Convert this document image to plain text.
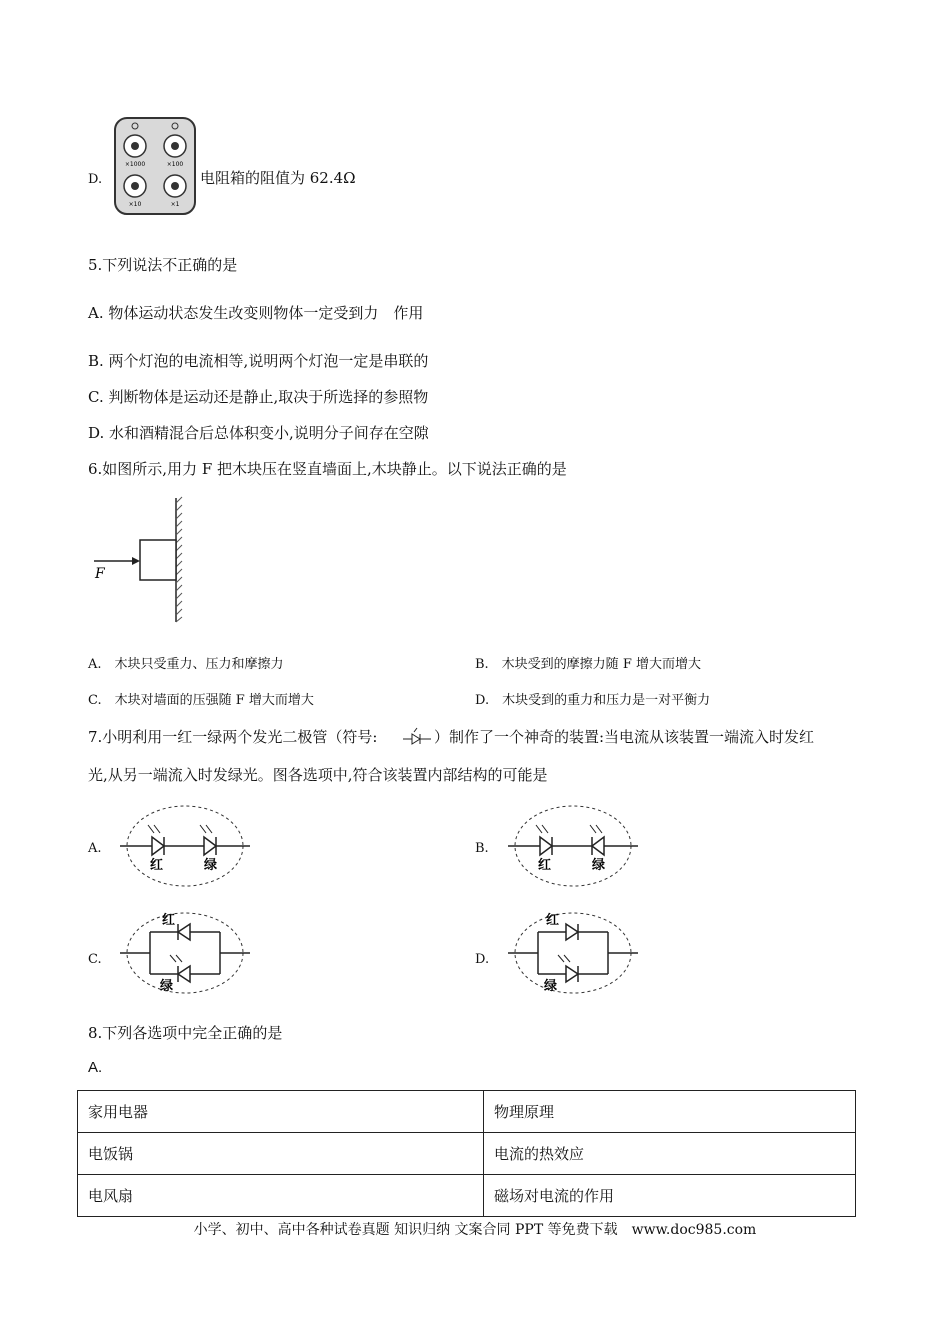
D.
×1000	×100
×10	×1
电阻箱的阻值为 62.4Ω
5.下列说法不正确的是
A. 物体运动状态发生改变则物体一定受到力　作用
B. 两个灯泡的电流相等,说明两个灯泡一定是串联的
C. 判断物体是运动还是静止,取决于所选择的参照物
D. 水和酒精混合后总体积变小,说明分子间存在空隙
6.如图所示,用力 F 把木块压在竖直墙面上,木块静止。以下说法正确的是
F
A.　木块只受重力、压力和摩擦力	B.　木块受到的摩擦力随 F 增大而增大
C.　木块对墙面的压强随 F 增大而增大	D.　木块受到的重力和压力是一对平衡力
7.小明利用一红一绿两个发光二极管（符号:	）制作了一个神奇的装置:当电流从该装置一端流入时发红
光,从另一端流入时发绿光。图各选项中,符合该装置内部结构的可能是
A.	B.
C.	D.
红	绿	红	绿
红
绿
红
绿
8.下列各选项中完全正确的是
A.
家用电器	物理原理
电饭锅	电流的热效应
电风扇	磁场对电流的作用
小学、初中、高中各种试卷真题 知识归纳 文案合同 PPT 等免费下载　www.doc985.com
